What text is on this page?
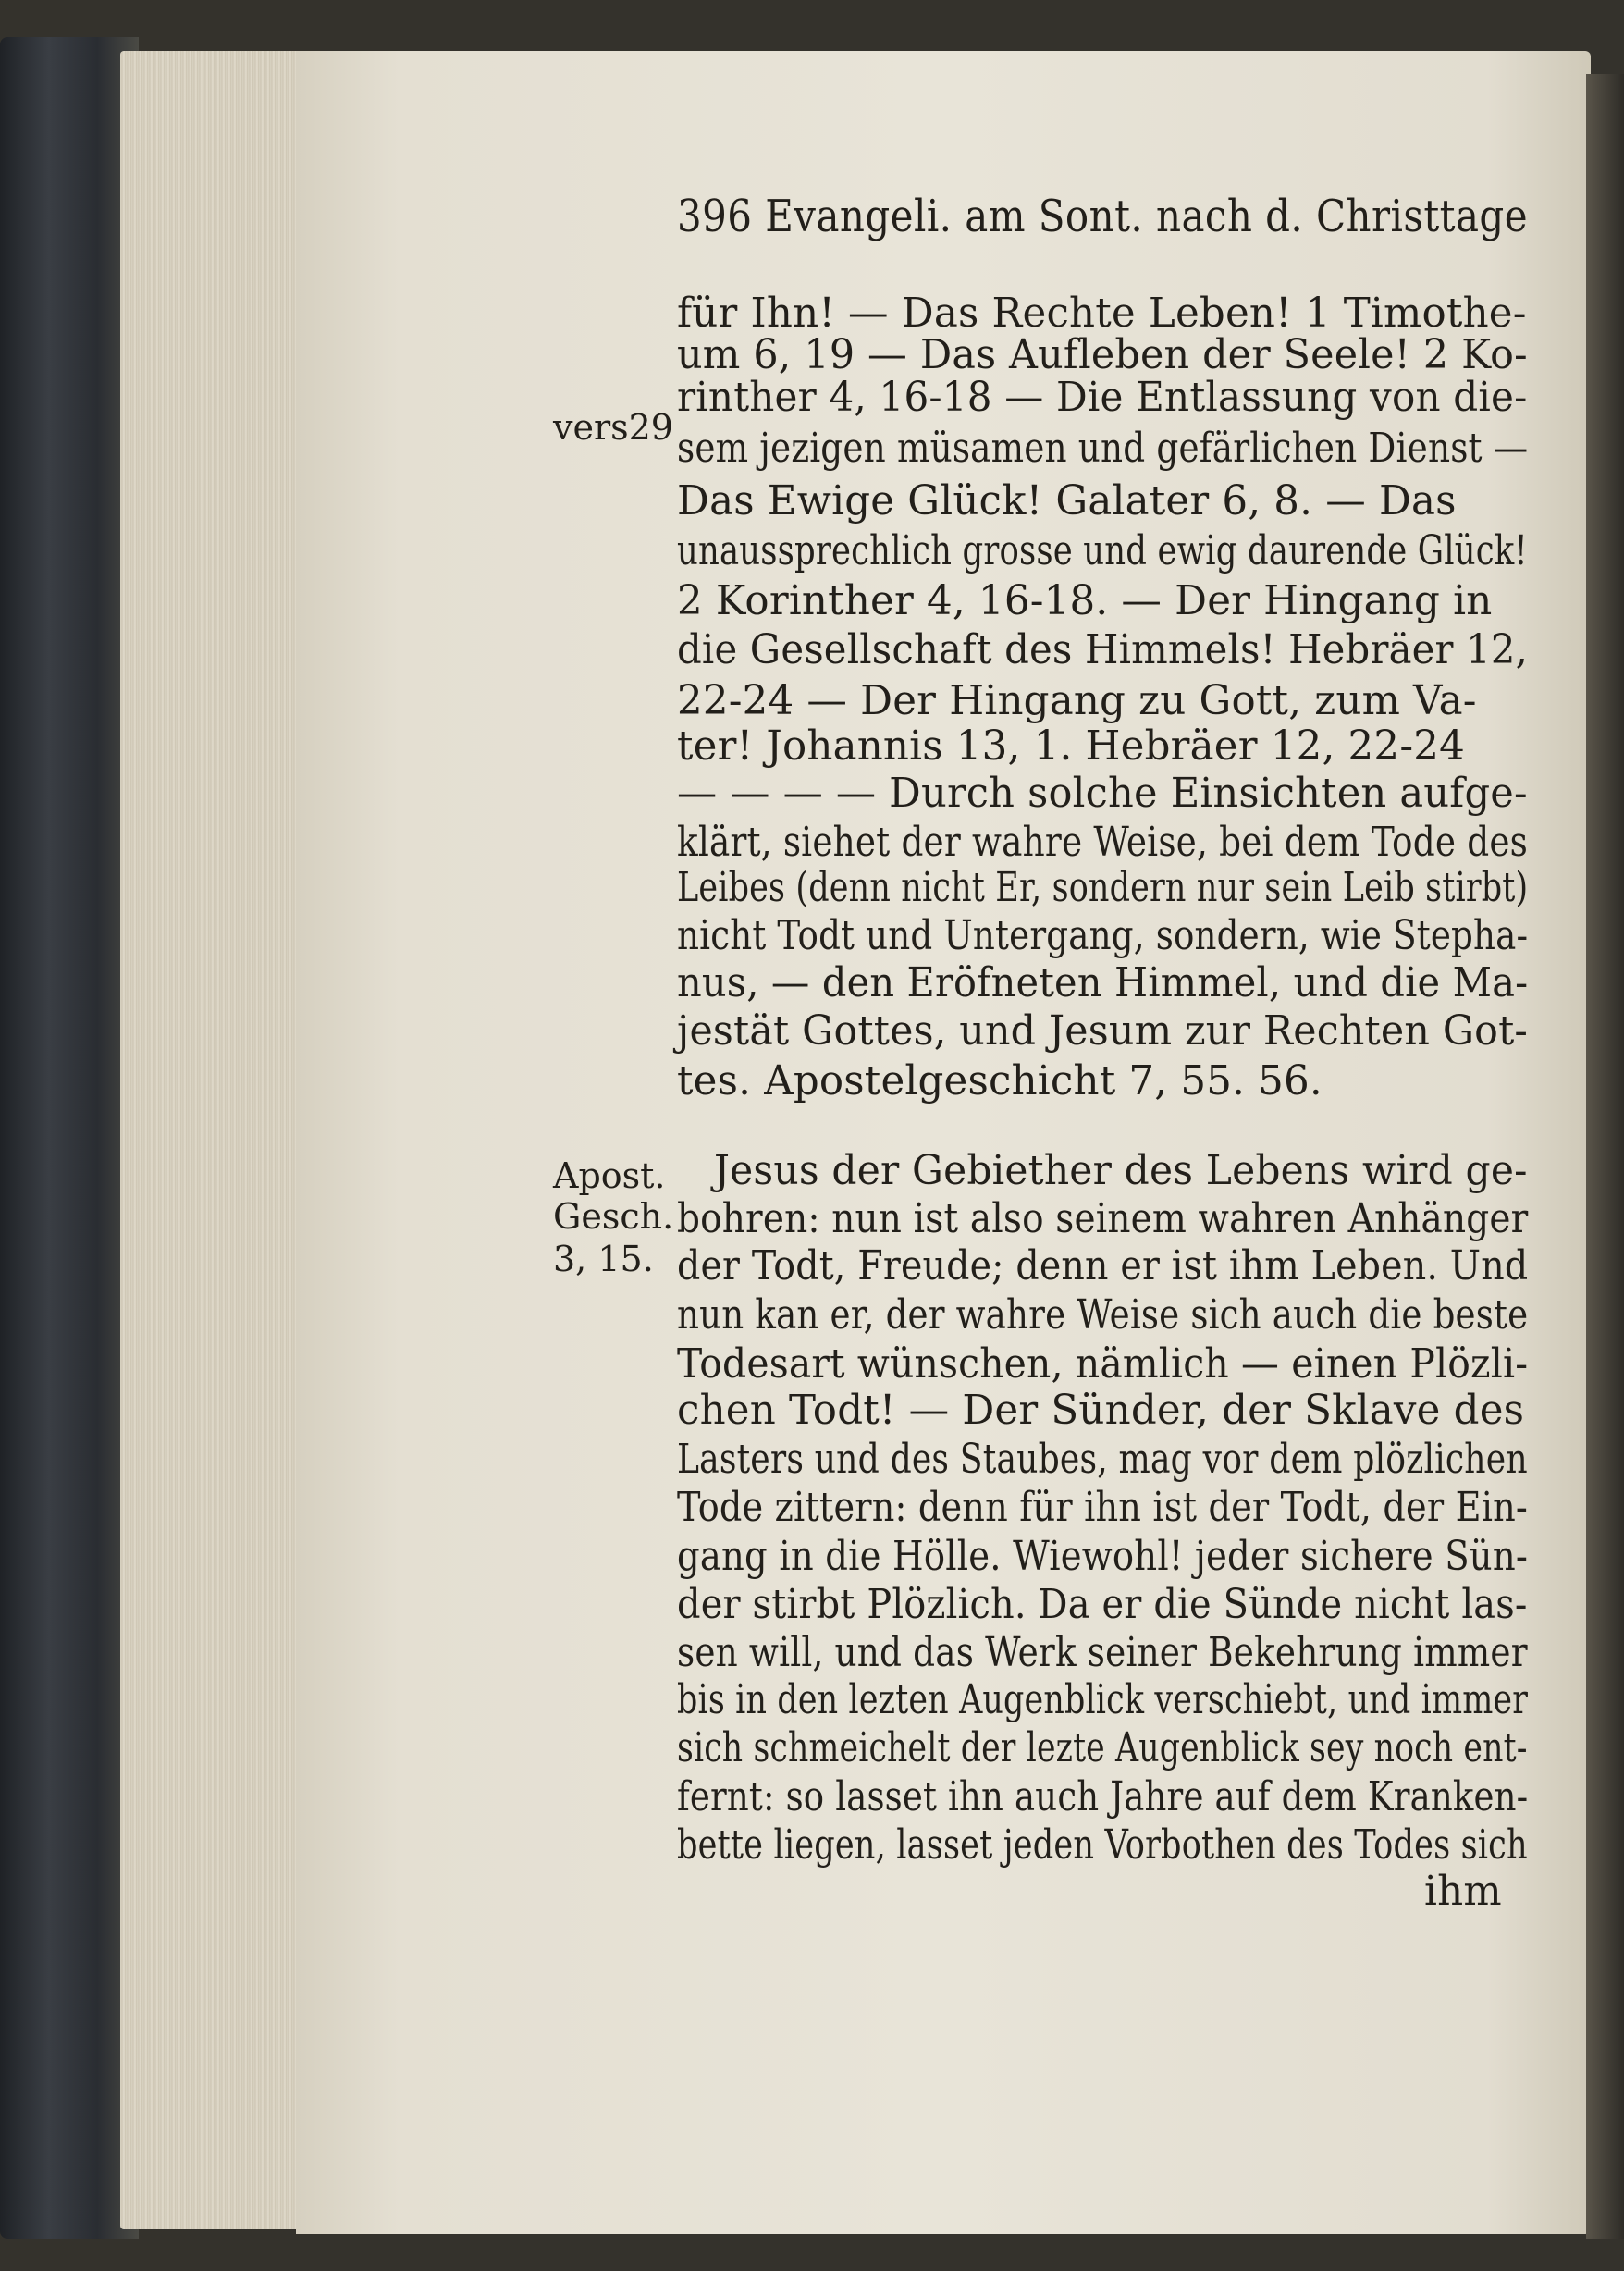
396 Evangeli. am Sont. nach d. Christtage
vers29
Apost.
Gesch.
3, 15.
für Ihn! — Das Rechte Leben! 1 Timothe-
um 6, 19 — Das Aufleben der Seele! 2 Ko-
rinther 4, 16-18 — Die Entlassung von die-
sem jezigen müsamen und gefärlichen Dienst —
Das Ewige Glück! Galater 6, 8. — Das
unaussprechlich grosse und ewig daurende Glück!
2 Korinther 4, 16-18. — Der Hingang in
die Gesellschaft des Himmels! Hebräer 12,
22-24 — Der Hingang zu Gott, zum Va-
ter! Johannis 13, 1. Hebräer 12, 22-24
— — — — Durch solche Einsichten aufge-
klärt, siehet der wahre Weise, bei dem Tode des
Leibes (denn nicht Er, sondern nur sein Leib stirbt)
nicht Todt und Untergang, sondern, wie Stepha-
nus, — den Eröfneten Himmel, und die Ma-
jestät Gottes, und Jesum zur Rechten Got-
tes. Apostelgeschicht 7, 55. 56.
Jesus der Gebiether des Lebens wird ge-
bohren: nun ist also seinem wahren Anhänger
der Todt, Freude; denn er ist ihm Leben. Und
nun kan er, der wahre Weise sich auch die beste
Todesart wünschen, nämlich — einen Plözli-
chen Todt! — Der Sünder, der Sklave des
Lasters und des Staubes, mag vor dem plözlichen
Tode zittern: denn für ihn ist der Todt, der Ein-
gang in die Hölle. Wiewohl! jeder sichere Sün-
der stirbt Plözlich. Da er die Sünde nicht las-
sen will, und das Werk seiner Bekehrung immer
bis in den lezten Augenblick verschiebt, und immer
sich schmeichelt der lezte Augenblick sey noch ent-
fernt: so lasset ihn auch Jahre auf dem Kranken-
bette liegen, lasset jeden Vorbothen des Todes sich
ihm
